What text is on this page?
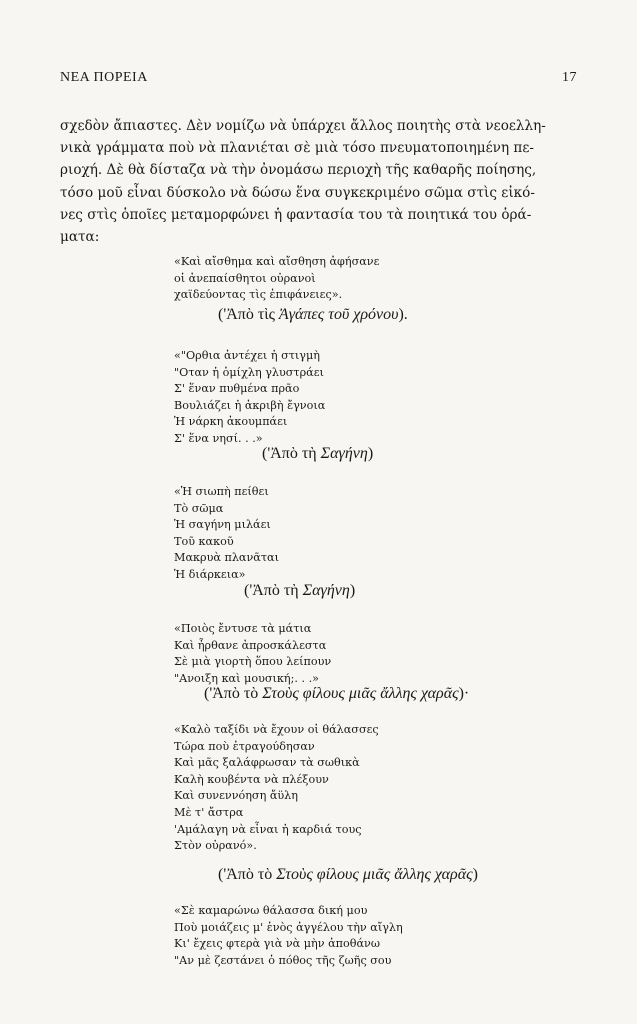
ΝΕΑ ΠΟΡΕΙΑ	17
σχεδὸν ἄπιαστες. Δὲν νομίζω νὰ ὑπάρχει ἄλλος ποιητὴς στὰ νεοελλη-
νικὰ γράμματα ποὺ νὰ πλανιέται σὲ μιὰ τόσο πνευματοποιημένη πε-
ριοχή. Δὲ θὰ δίσταζα νὰ τὴν ὀνομάσω περιοχὴ τῆς καθαρῆς ποίησης,
τόσο μοῦ εἶναι δύσκολο νὰ δώσω ἕνα συγκεκριμένο σῶμα στὶς εἰκό-
νες στὶς ὁποῖες μεταμορφώνει ἡ φαντασία του τὰ ποιητικά του ὁρά-
ματα:
«Καὶ αἴσθημα καὶ αἴσθηση ἀφήσανε
οἱ ἀνεπαίσθητοι οὐρανοὶ
χαϊδεύοντας τὶς ἐπιφάνειες».
('Ἀπὸ τὶς Ἀγάπες τοῦ χρόνου).
«"Ορθια ἀντέχει ἡ στιγμὴ
"Οταν ἡ ὁμίχλη γλυστράει
Σ' ἕναν πυθμένα πρᾶο
Βουλιάζει ἡ ἀκριβὴ ἔγνοια
Ἡ νάρκη ἀκουμπάει
Σ' ἕνα νησί. . .»
('Ἀπὸ τὴ Σαγήνη)
«Ἡ σιωπὴ πείθει
Τὸ σῶμα
Ἡ σαγήνη μιλάει
Τοῦ κακοῦ
Μακρυὰ πλανᾶται
Ἡ διάρκεια»
('Ἀπὸ τὴ Σαγήνη)
«Ποιὸς ἔντυσε τὰ μάτια
Καὶ ἦρθανε ἀπροσκάλεστα
Σὲ μιὰ γιορτὴ ὅπου λείπουν
"Ανοιξη καὶ μουσική;. . .»
('Ἀπὸ τὸ Στοὺς φίλους μιᾶς ἄλλης χαρᾶς)·
«Καλὸ ταξίδι νὰ ἔχουν οἱ θάλασσες
Τώρα ποὺ ἐτραγούδησαν
Καὶ μᾶς ξαλάφρωσαν τὰ σωθικὰ
Καλὴ κουβέντα νὰ πλέξουν
Καὶ συνεννόηση ἄϋλη
Μὲ τ' ἄστρα
'Αμάλαγη νὰ εἶναι ἡ καρδιά τους
Στὸν οὐρανό».
('Ἀπὸ τὸ Στοὺς φίλους μιᾶς ἄλλης χαρᾶς)
«Σὲ καμαρώνω θάλασσα δική μου
Ποὺ μοιάζεις μ' ἑνὸς ἀγγέλου τὴν αἴγλη
Κι' ἔχεις φτερὰ γιὰ νὰ μὴν ἀποθάνω
"Αν μὲ ζεστάνει ὁ πόθος τῆς ζωῆς σου
